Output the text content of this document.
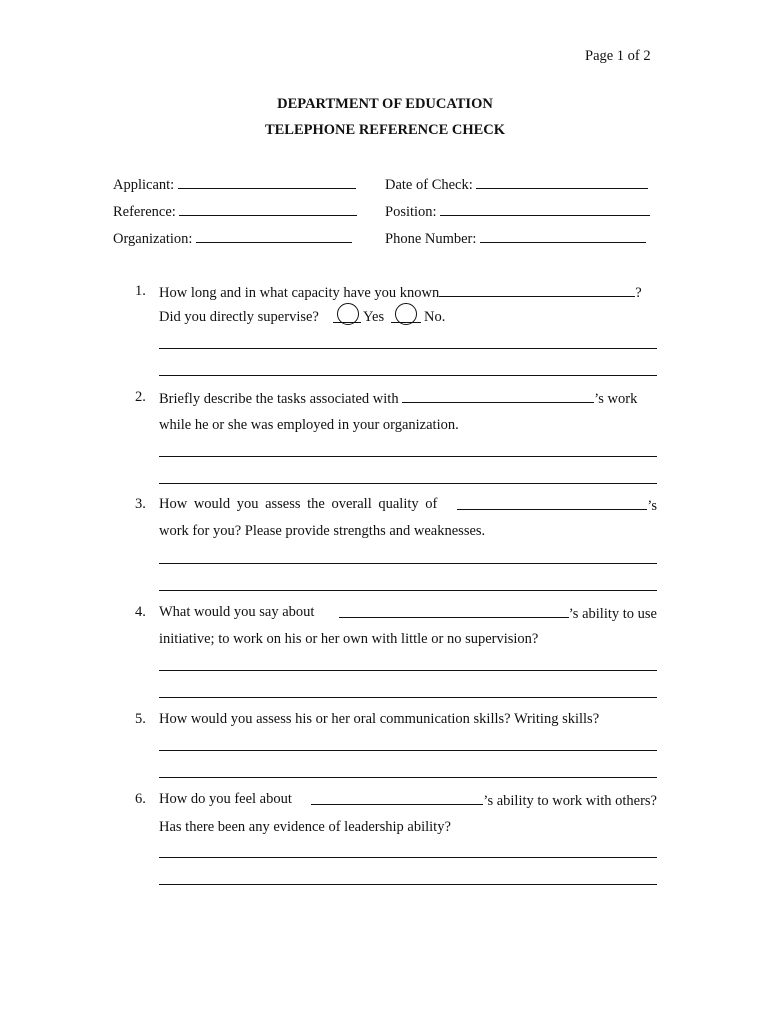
Page 1 of 2
DEPARTMENT OF EDUCATION
TELEPHONE REFERENCE CHECK
Applicant:	Date of Check:
Reference:	Position:
Organization:	Phone Number:
1. How long and in what capacity have you known	?
Did you directly supervise?	Yes	No.
2. Briefly describe the tasks associated with	’s work
while he or she was employed in your organization.
3. How would you assess the overall quality of	’s
work for you? Please provide strengths and weaknesses.
4. What would you say about	’s ability to use
initiative; to work on his or her own with little or no supervision?
5. How would you assess his or her oral communication skills? Writing skills?
6. How do you feel about	’s ability to work with others?
Has there been any evidence of leadership ability?
